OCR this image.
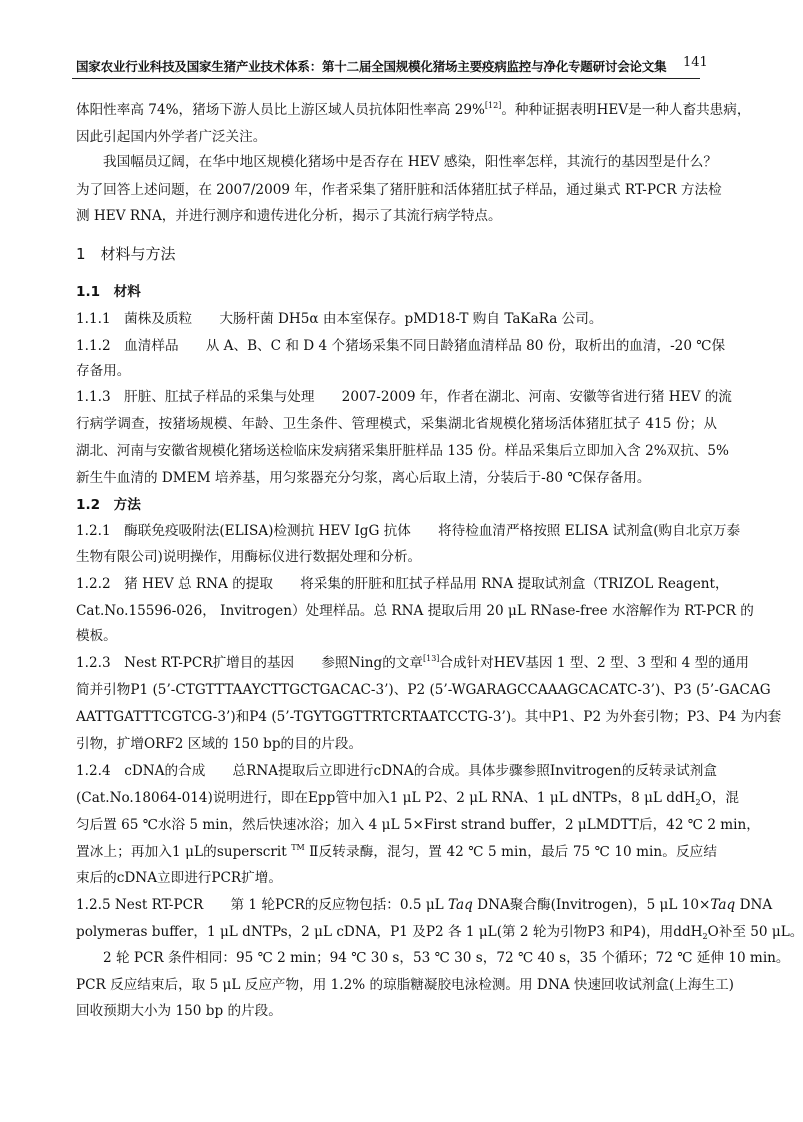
国家农业行业科技及国家生猪产业技术体系：第十二届全国规模化猪场主要疫病监控与净化专题研讨会论文集 141
体阳性率高 74%，猪场下游人员比上游区域人员抗体阳性率高 29%[12]。种种证据表明HEV是一种人畜共患病，
因此引起国内外学者广泛关注。
我国幅员辽阔，在华中地区规模化猪场中是否存在 HEV 感染，阳性率怎样，其流行的基因型是什么？
为了回答上述问题，在 2007/2009 年，作者采集了猪肝脏和活体猪肛拭子样品，通过巢式 RT-PCR 方法检
测 HEV RNA，并进行测序和遗传进化分析，揭示了其流行病学特点。
1　材料与方法
1.1　材料
1.1.1　菌株及质粒　　大肠杆菌 DH5α 由本室保存。pMD18-T 购自 TaKaRa 公司。
1.1.2　血清样品　　从 A、B、C 和 D 4 个猪场采集不同日龄猪血清样品 80 份，取析出的血清，-20 ℃保
存备用。
1.1.3　肝脏、肛拭子样品的采集与处理　　2007-2009 年，作者在湖北、河南、安徽等省进行猪 HEV 的流
行病学调查，按猪场规模、年龄、卫生条件、管理模式，采集湖北省规模化猪场活体猪肛拭子 415 份；从
湖北、河南与安徽省规模化猪场送检临床发病猪采集肝脏样品 135 份。样品采集后立即加入含 2%双抗、5%
新生牛血清的 DMEM 培养基，用匀浆器充分匀浆，离心后取上清，分装后于-80 ℃保存备用。
1.2　方法
1.2.1　酶联免疫吸附法(ELISA)检测抗 HEV IgG 抗体　　将待检血清严格按照 ELISA 试剂盒(购自北京万泰
生物有限公司)说明操作，用酶标仪进行数据处理和分析。
1.2.2　猪 HEV 总 RNA 的提取　　将采集的肝脏和肛拭子样品用 RNA 提取试剂盒（TRIZOL Reagent，
Cat.No.15596-026， Invitrogen）处理样品。总 RNA 提取后用 20 μL RNase-free 水溶解作为 RT-PCR 的
模板。
1.2.3　Nest RT-PCR扩增目的基因　　参照Ning的文章[13]合成针对HEV基因 1 型、2 型、3 型和 4 型的通用
简并引物P1 (5’-CTGTTTAAYCTTGCTGACAC-3’)、P2 (5’-WGARAGCCAAAGCACATC-3’)、P3 (5’-GACAG
AATTGATTTCGTCG-3’)和P4 (5’-TGYTGGTTRTCRTAATCCTG-3’)。其中P1、P2 为外套引物；P3、P4 为内套
引物，扩增ORF2 区域的 150 bp的目的片段。
1.2.4　cDNA的合成　　总RNA提取后立即进行cDNA的合成。具体步骤参照Invitrogen的反转录试剂盒
(Cat.No.18064-014)说明进行，即在Epp管中加入1 μL P2、2 μL RNA、1 μL dNTPs，8 μL ddH$_2$O，混
匀后置 65 ℃水浴 5 min，然后快速冰浴；加入 4 μL 5×First strand buffer，2 μLMDTT后，42 ℃ 2 min，
置冰上；再加入1 μL的superscrit ™ Ⅱ反转录酶，混匀，置 42 ℃ 5 min，最后 75 ℃ 10 min。反应结
束后的cDNA立即进行PCR扩增。
1.2.5 Nest RT-PCR　　第 1 轮PCR的反应物包括：0.5 μL Taq DNA聚合酶(Invitrogen)，5 μL 10×Taq DNA
polymeras buffer，1 μL dNTPs，2 μL cDNA，P1 及P2 各 1 μL(第 2 轮为引物P3 和P4)，用ddH$_2$O补至 50 μL。
2 轮 PCR 条件相同：95 ℃ 2 min；94 ℃ 30 s，53 ℃ 30 s，72 ℃ 40 s，35 个循环；72 ℃ 延伸 10 min。
PCR 反应结束后，取 5 μL 反应产物，用 1.2% 的琼脂糖凝胶电泳检测。用 DNA 快速回收试剂盒(上海生工)
回收预期大小为 150 bp 的片段。
